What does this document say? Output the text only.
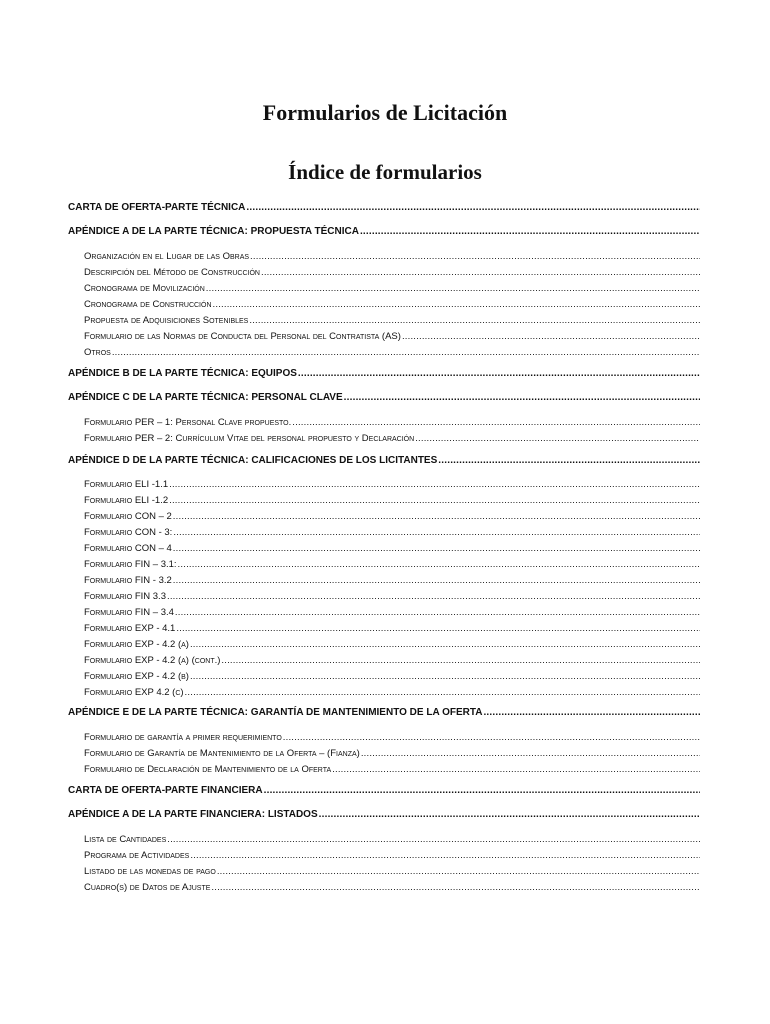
Formularios de Licitación
Índice de formularios
CARTA DE OFERTA-PARTE TÉCNICA
.....
APÉNDICE A DE LA PARTE TÉCNICA: PROPUESTA TÉCNICA
.....
Organización en el Lugar de las Obras
.....
Descripción del Método de Construcción
.....
Cronograma de Movilización
.....
Cronograma de Construcción
.....
Propuesta de Adquisiciones Sotenibles
.....
Formulario de las Normas de Conducta del Personal del Contratista (AS)
.....
Otros
.....
APÉNDICE B DE LA PARTE TÉCNICA: EQUIPOS
.....
APÉNDICE C DE LA PARTE TÉCNICA: PERSONAL CLAVE
.....
Formulario PER – 1: Personal Clave propuesto.
.....
Formulario PER – 2: Currículum Vitae del personal propuesto y Declaración
.....
APÉNDICE D DE LA PARTE TÉCNICA: CALIFICACIONES DE LOS LICITANTES
.....
Formulario ELI -1.1
.....
Formulario ELI -1.2
.....
Formulario CON – 2
.....
Formulario CON - 3:
.....
Formulario CON – 4
.....
Formulario FIN – 3.1:
.....
Formulario FIN - 3.2
.....
Formulario FIN 3.3
.....
Formulario FIN – 3.4
.....
Formulario EXP - 4.1
.....
Formulario EXP - 4.2 (a)
.....
Formulario EXP - 4.2 (a) (cont.)
.....
Formulario EXP - 4.2 (b)
.....
Formulario EXP 4.2 (c)
.....
APÉNDICE E DE LA PARTE TÉCNICA: GARANTÍA DE MANTENIMIENTO DE LA OFERTA
.....
Formulario de garantía a primer requerimiento
.....
Formulario de Garantía de Mantenimiento de la Oferta – (Fianza)
.....
Formulario de Declaración de Mantenimiento de la Oferta
.....
CARTA DE OFERTA-PARTE FINANCIERA
.....
APÉNDICE A DE LA PARTE FINANCIERA: LISTADOS
.....
Lista de Cantidades
.....
Programa de Actividades
.....
Listado de las monedas de pago
.....
Cuadro(s) de Datos de Ajuste
.....
